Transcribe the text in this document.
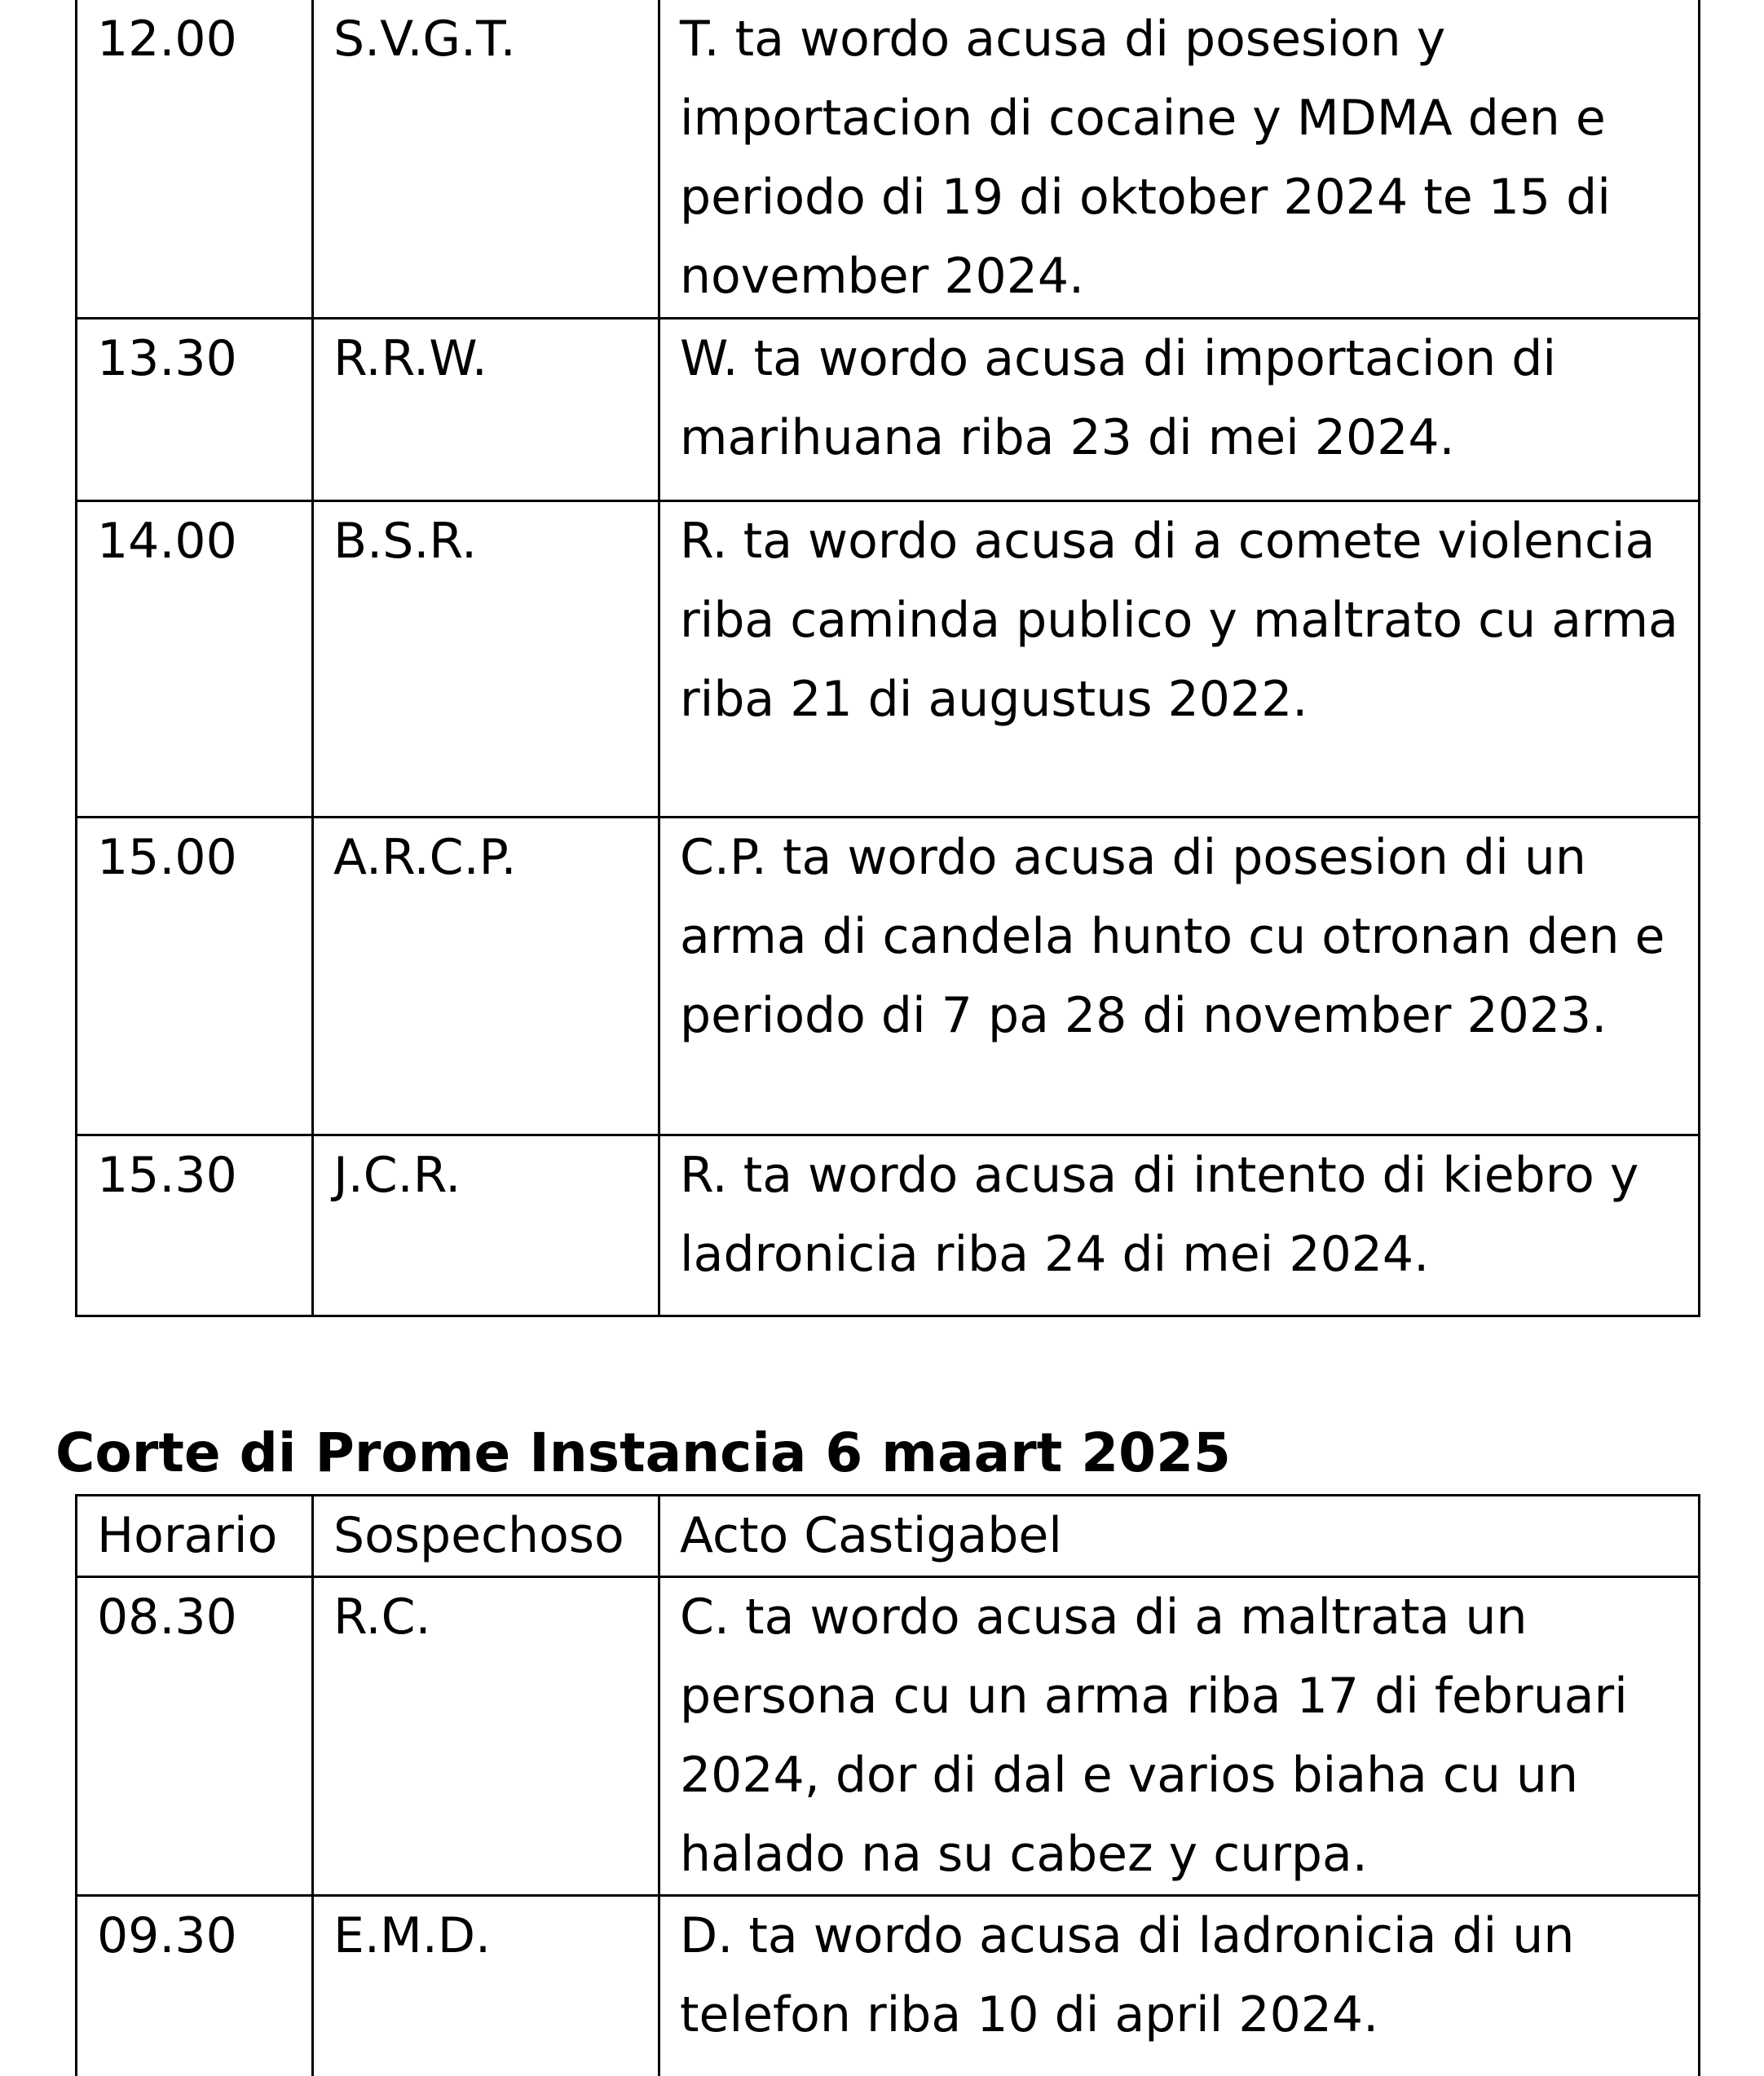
12.00	S.V.G.T.	T. ta wordo acusa di posesion y importacion di cocaine y MDMA den e periodo di 19 di oktober 2024 te 15 di november 2024.
13.30	R.R.W.	W. ta wordo acusa di importacion di marihuana riba 23 di mei 2024.
14.00	B.S.R.	R. ta wordo acusa di a comete violencia riba caminda publico y maltrato cu arma riba 21 di augustus 2022.
15.00	A.R.C.P.	C.P. ta wordo acusa di posesion di un arma di candela hunto cu otronan den e periodo di 7 pa 28 di november 2023.
15.30	J.C.R.	R. ta wordo acusa di intento di kiebro y ladronicia riba 24 di mei 2024.
Corte di Prome Instancia 6 maart 2025
Horario	Sospechoso	Acto Castigabel
08.30	R.C.	C. ta wordo acusa di a maltrata un persona cu un arma riba 17 di februari 2024, dor di dal e varios biaha cu un halado na su cabez y curpa.
09.30	E.M.D.	D. ta wordo acusa di ladronicia di un telefon riba 10 di april 2024.
